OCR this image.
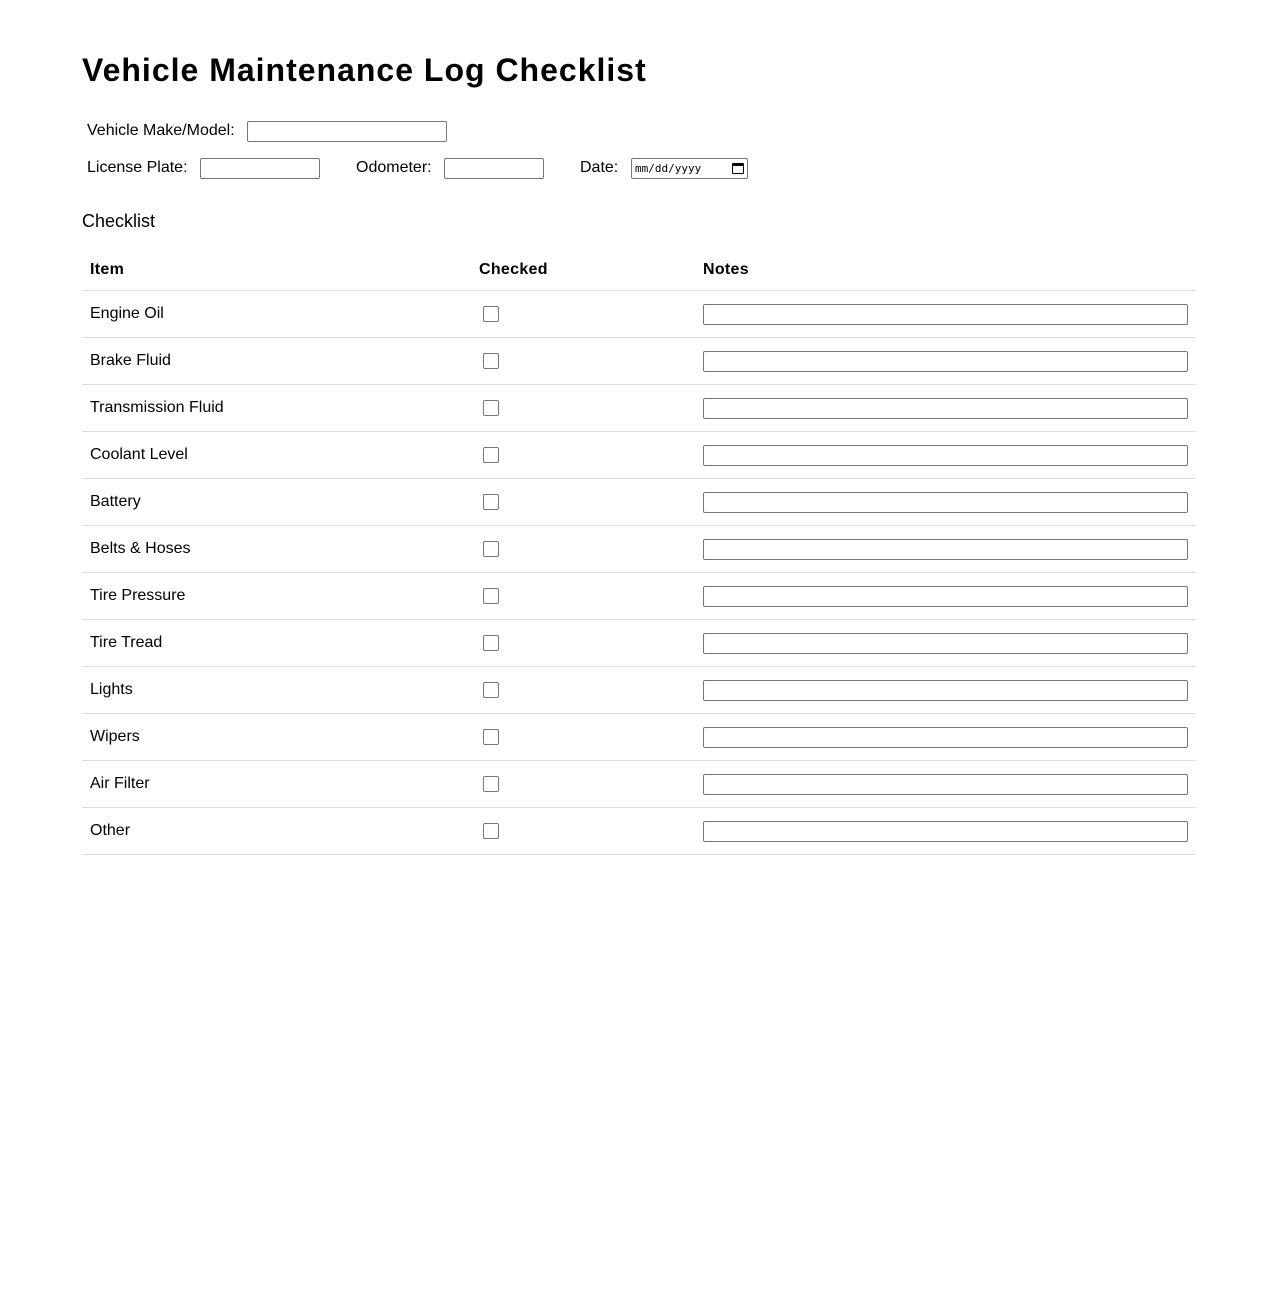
Vehicle Maintenance Log Checklist
Vehicle Make/Model:
License Plate:	Odometer:	Date: mm/dd/yyyy
Checklist
Item	Checked	Notes
Engine Oil	

Brake Fluid	

Transmission Fluid	

Coolant Level	

Battery	

Belts & Hoses	

Tire Pressure	

Tire Tread	

Lights	

Wipers	

Air Filter	

Other	
